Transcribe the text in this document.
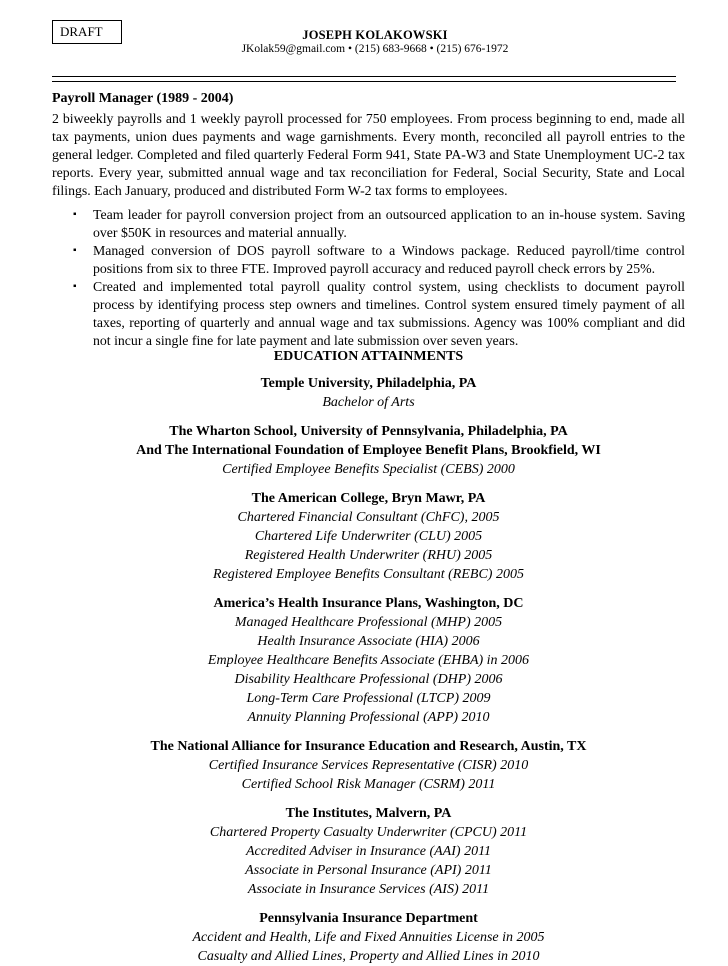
DRAFT	JOSEPH KOLAKOWSKI
JKolak59@gmail.com • (215) 683-9668 • (215) 676-1972
Payroll Manager (1989 - 2004)

2 biweekly payrolls and 1 weekly payroll processed for 750 employees. From process beginning to end, made all tax payments, union dues payments and wage garnishments. Every month, reconciled all payroll entries to the general ledger. Completed and filed quarterly Federal Form 941, State PA-W3 and State Unemployment UC-2 tax reports. Every year, submitted annual wage and tax reconciliation for Federal, Social Security, State and Local filings. Each January, produced and distributed Form W-2 tax forms to employees.

▪ Team leader for payroll conversion project from an outsourced application to an in-house system. Saving over $50K in resources and material annually.
▪ Managed conversion of DOS payroll software to a Windows package. Reduced payroll/time control positions from six to three FTE. Improved payroll accuracy and reduced payroll check errors by 25%.
▪ Created and implemented total payroll quality control system, using checklists to document payroll process by identifying process step owners and timelines. Control system ensured timely payment of all taxes, reporting of quarterly and annual wage and tax submissions. Agency was 100% compliant and did not incur a single fine for late payment and late submission over seven years.
EDUCATION ATTAINMENTS
Temple University, Philadelphia, PA
Bachelor of Arts
The Wharton School, University of Pennsylvania, Philadelphia, PA
And The International Foundation of Employee Benefit Plans, Brookfield, WI
Certified Employee Benefits Specialist (CEBS) 2000
The American College, Bryn Mawr, PA
Chartered Financial Consultant (ChFC), 2005
Chartered Life Underwriter (CLU) 2005
Registered Health Underwriter (RHU) 2005
Registered Employee Benefits Consultant (REBC) 2005
America’s Health Insurance Plans, Washington, DC
Managed Healthcare Professional (MHP) 2005
Health Insurance Associate (HIA) 2006
Employee Healthcare Benefits Associate (EHBA) in 2006
Disability Healthcare Professional (DHP) 2006
Long-Term Care Professional (LTCP) 2009
Annuity Planning Professional (APP) 2010
The National Alliance for Insurance Education and Research, Austin, TX
Certified Insurance Services Representative (CISR) 2010
Certified School Risk Manager (CSRM) 2011
The Institutes, Malvern, PA
Chartered Property Casualty Underwriter (CPCU) 2011
Accredited Adviser in Insurance (AAI) 2011
Associate in Personal Insurance (API) 2011
Associate in Insurance Services (AIS) 2011
Pennsylvania Insurance Department
Accident and Health, Life and Fixed Annuities License in 2005
Casualty and Allied Lines, Property and Allied Lines in 2010
